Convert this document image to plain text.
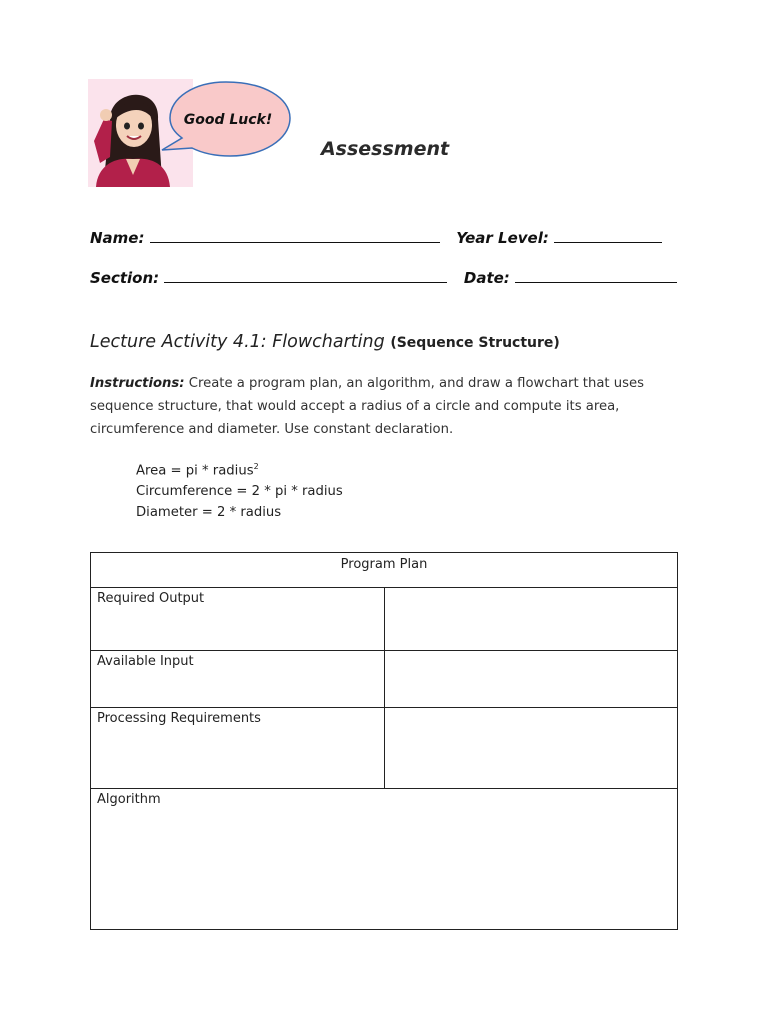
Good Luck!
Assessment
Name:	Year Level:
Section:	Date:
Lecture Activity 4.1: Flowcharting (Sequence Structure)
Instructions: Create a program plan, an algorithm, and draw a flowchart that uses sequence structure, that would accept a radius of a circle and compute its area, circumference and diameter. Use constant declaration.
Area = pi * radius$^2$
Circumference = 2 * pi * radius
Diameter = 2 * radius
Program Plan	
Required Output	
Available Input	
Processing Requirements	
Algorithm	
